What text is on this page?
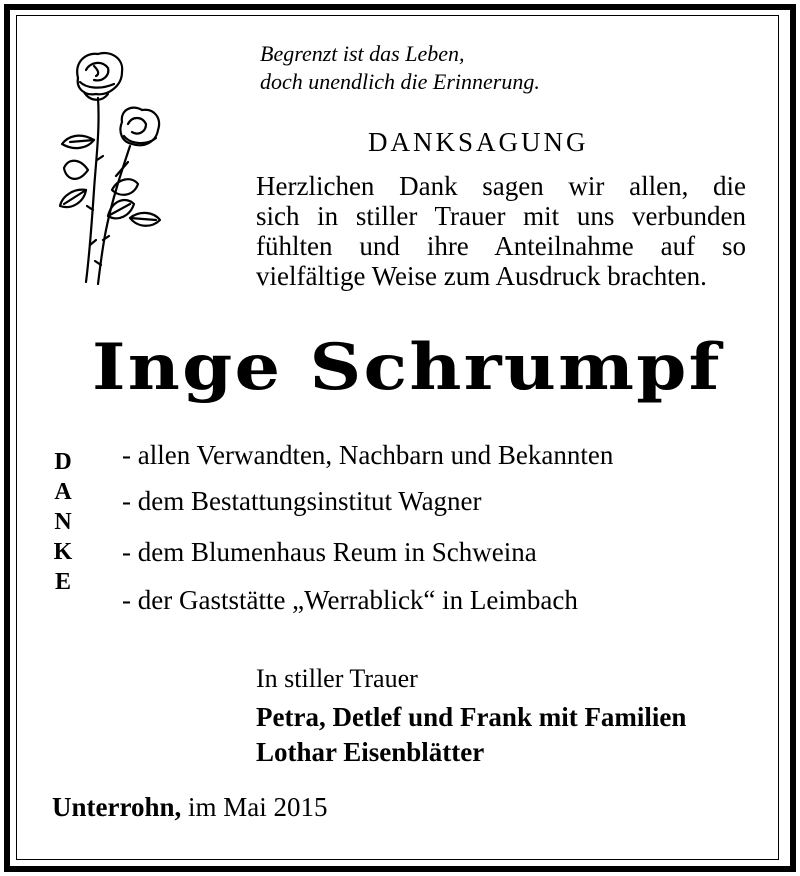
Begrenzt ist das Leben,
doch unendlich die Erinnerung.
DANKSAGUNG
Herzlichen Dank sagen wir allen, die
sich in stiller Trauer mit uns verbunden
fühlten und ihre Anteilnahme auf so
vielfältige Weise zum Ausdruck brachten.
Inge Schrumpf
D
A
N
K
E
- allen Verwandten, Nachbarn und Bekannten
- dem Bestattungsinstitut Wagner
- dem Blumenhaus Reum in Schweina
- der Gaststätte „Werrablick“ in Leimbach
In stiller Trauer
Petra, Detlef und Frank mit Familien
Lothar Eisenblätter
Unterrohn, im Mai 2015
